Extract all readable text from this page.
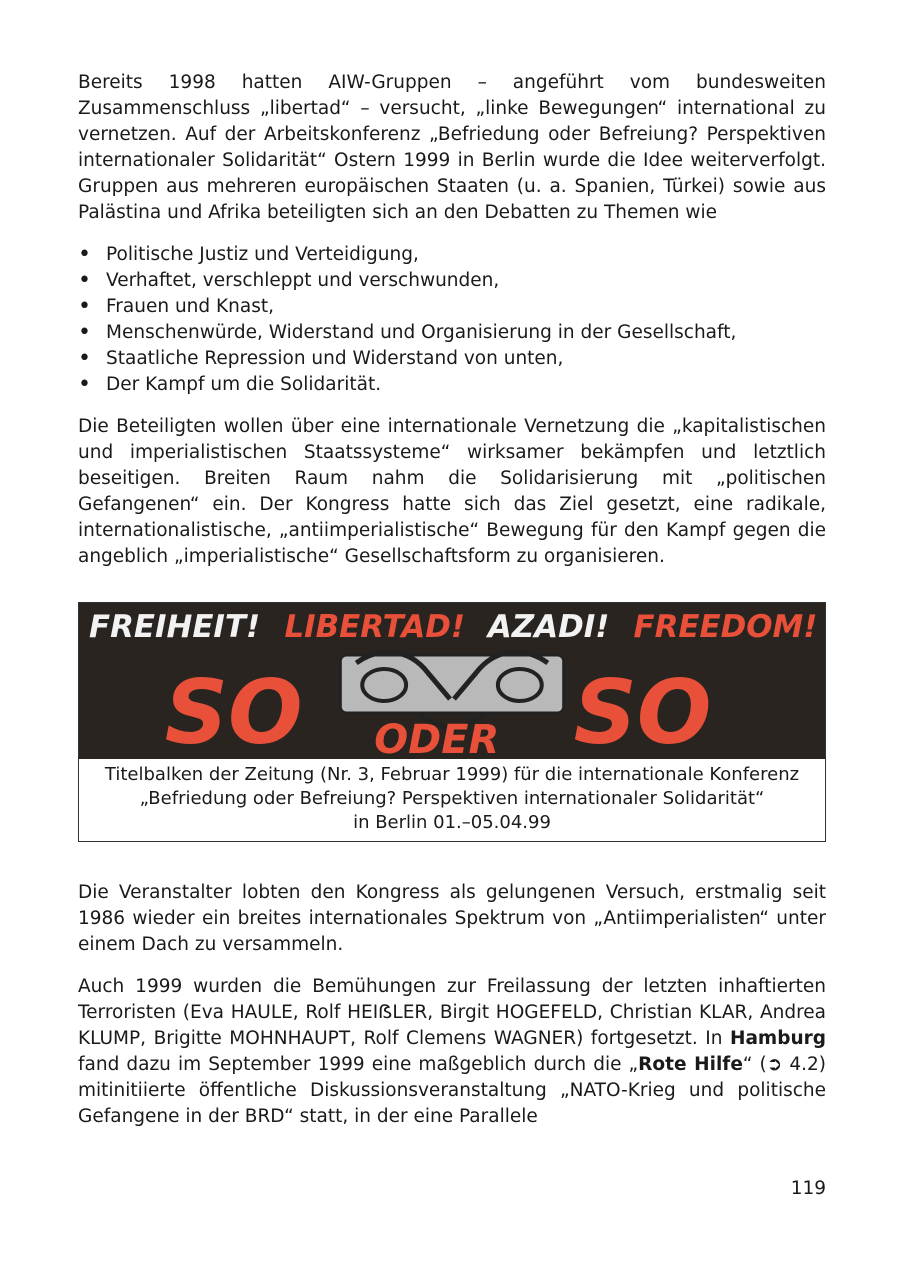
Bereits 1998 hatten AIW-Gruppen – angeführt vom bundesweiten Zusammenschluss „libertad“ – versucht, „linke Bewegungen“ international zu vernetzen. Auf der Arbeitskonferenz „Befriedung oder Befreiung? Perspektiven internationaler Solidarität“ Ostern 1999 in Berlin wurde die Idee weiterverfolgt. Gruppen aus mehreren europäischen Staaten (u. a. Spanien, Türkei) sowie aus Palästina und Afrika beteiligten sich an den Debatten zu Themen wie

• Politische Justiz und Verteidigung,
• Verhaftet, verschleppt und verschwunden,
• Frauen und Knast,
• Menschenwürde, Widerstand und Organisierung in der Gesellschaft,
• Staatliche Repression und Widerstand von unten,
• Der Kampf um die Solidarität.

Die Beteiligten wollen über eine internationale Vernetzung die „kapitalistischen und imperialistischen Staatssysteme“ wirksamer bekämpfen und letztlich beseitigen. Breiten Raum nahm die Solidarisierung mit „politischen Gefangenen“ ein. Der Kongress hatte sich das Ziel gesetzt, eine radikale, internationalistische, „antiimperialistische“ Bewegung für den Kampf gegen die angeblich „imperialistische“ Gesellschaftsform zu organisieren.

FREIHEIT! LIBERTAD! AZADI! FREEDOM!
SO ODER SO
Titelbalken der Zeitung (Nr. 3, Februar 1999) für die internationale Konferenz
„Befriedung oder Befreiung? Perspektiven internationaler Solidarität“
in Berlin 01.–05.04.99

Die Veranstalter lobten den Kongress als gelungenen Versuch, erstmalig seit 1986 wieder ein breites internationales Spektrum von „Antiimperialisten“ unter einem Dach zu versammeln.

Auch 1999 wurden die Bemühungen zur Freilassung der letzten inhaftierten Terroristen (Eva HAULE, Rolf HEIẞLER, Birgit HOGEFELD, Christian KLAR, Andrea KLUMP, Brigitte MOHNHAUPT, Rolf Clemens WAGNER) fortgesetzt. In Hamburg fand dazu im September 1999 eine maßgeblich durch die „Rote Hilfe“ (➲ 4.2) mitinitiierte öffentliche Diskussionsveranstaltung „NATO-Krieg und politische Gefangene in der BRD“ statt, in der eine Parallele

119
